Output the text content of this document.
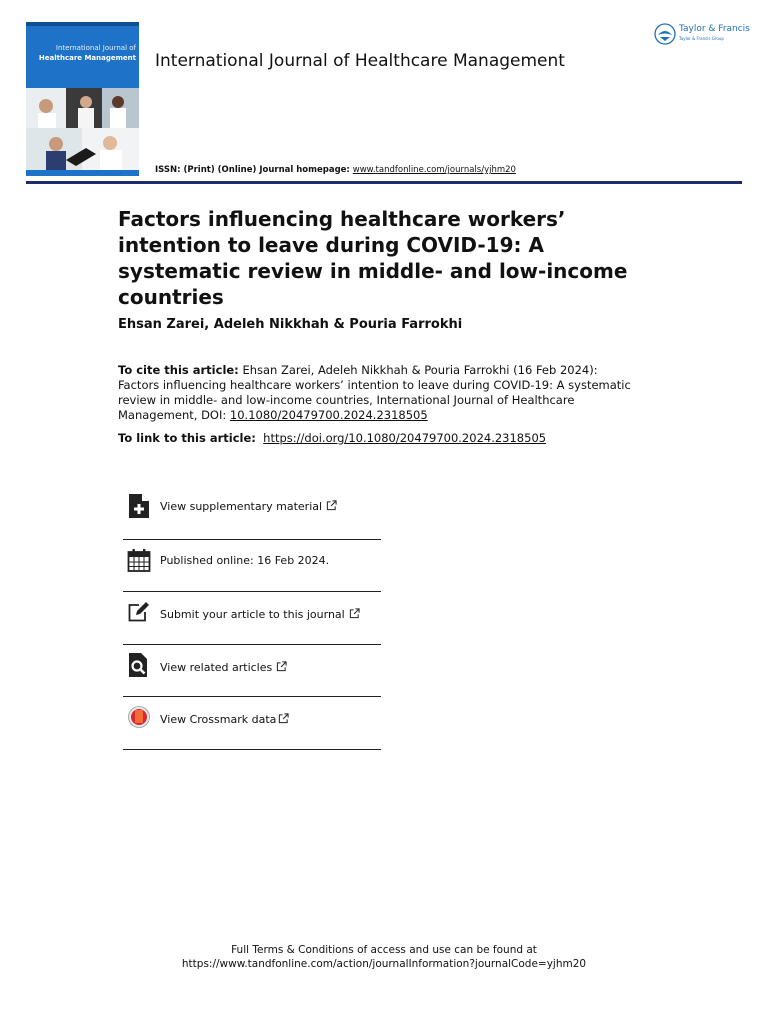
International Journal of
Healthcare Management International Journal of Healthcare Management
Taylor & Francis
Taylor & Francis Group
ISSN: (Print) (Online) Journal homepage: www.tandfonline.com/journals/yjhm20
Factors influencing healthcare workers’ intention to leave during COVID-19: A systematic review in middle- and low-income countries
Ehsan Zarei, Adeleh Nikkhah & Pouria Farrokhi
To cite this article: Ehsan Zarei, Adeleh Nikkhah & Pouria Farrokhi (16 Feb 2024): Factors influencing healthcare workers’ intention to leave during COVID-19: A systematic review in middle- and low-income countries, International Journal of Healthcare Management, DOI: 10.1080/20479700.2024.2318505
To link to this article: https://doi.org/10.1080/20479700.2024.2318505
View supplementary material
Published online: 16 Feb 2024.
Submit your article to this journal
View related articles
View Crossmark data
Full Terms & Conditions of access and use can be found at
https://www.tandfonline.com/action/journalInformation?journalCode=yjhm20
